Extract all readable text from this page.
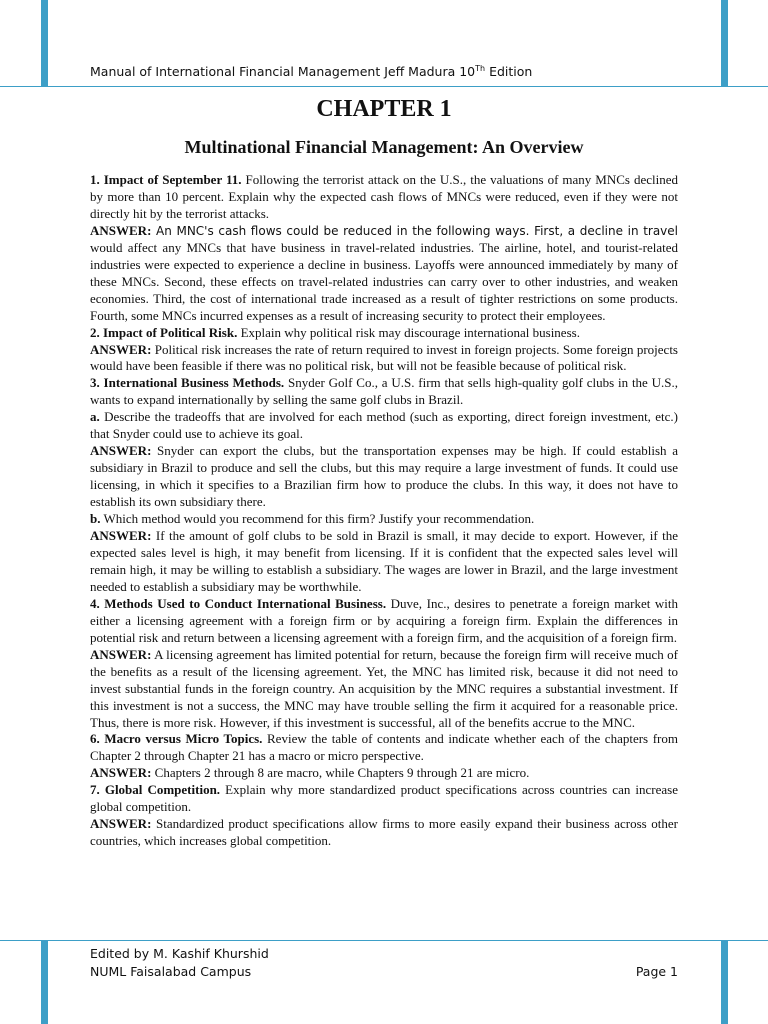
Manual of International Financial Management Jeff Madura 10Th Edition
CHAPTER 1
Multinational Financial Management: An Overview

1. Impact of September 11. Following the terrorist attack on the U.S., the valuations of many MNCs declined by more than 10 percent. Explain why the expected cash flows of MNCs were reduced, even if they were not directly hit by the terrorist attacks.

ANSWER: An MNC's cash flows could be reduced in the following ways. First, a decline in travel would affect any MNCs that have business in travel-related industries. The airline, hotel, and tourist-related industries were expected to experience a decline in business. Layoffs were announced immediately by many of these MNCs. Second, these effects on travel-related industries can carry over to other industries, and weaken economies. Third, the cost of international trade increased as a result of tighter restrictions on some products. Fourth, some MNCs incurred expenses as a result of increasing security to protect their employees.

2. Impact of Political Risk. Explain why political risk may discourage international business.

ANSWER: Political risk increases the rate of return required to invest in foreign projects. Some foreign projects would have been feasible if there was no political risk, but will not be feasible because of political risk.

3. International Business Methods. Snyder Golf Co., a U.S. firm that sells high-quality golf clubs in the U.S., wants to expand internationally by selling the same golf clubs in Brazil.

a. Describe the tradeoffs that are involved for each method (such as exporting, direct foreign investment, etc.) that Snyder could use to achieve its goal.

ANSWER: Snyder can export the clubs, but the transportation expenses may be high. If could establish a subsidiary in Brazil to produce and sell the clubs, but this may require a large investment of funds. It could use licensing, in which it specifies to a Brazilian firm how to produce the clubs. In this way, it does not have to establish its own subsidiary there.

b. Which method would you recommend for this firm? Justify your recommendation.

ANSWER: If the amount of golf clubs to be sold in Brazil is small, it may decide to export. However, if the expected sales level is high, it may benefit from licensing. If it is confident that the expected sales level will remain high, it may be willing to establish a subsidiary. The wages are lower in Brazil, and the large investment needed to establish a subsidiary may be worthwhile.

4. Methods Used to Conduct International Business. Duve, Inc., desires to penetrate a foreign market with either a licensing agreement with a foreign firm or by acquiring a foreign firm. Explain the differences in potential risk and return between a licensing agreement with a foreign firm, and the acquisition of a foreign firm.

ANSWER: A licensing agreement has limited potential for return, because the foreign firm will receive much of the benefits as a result of the licensing agreement. Yet, the MNC has limited risk, because it did not need to invest substantial funds in the foreign country. An acquisition by the MNC requires a substantial investment. If this investment is not a success, the MNC may have trouble selling the firm it acquired for a reasonable price. Thus, there is more risk. However, if this investment is successful, all of the benefits accrue to the MNC.

6. Macro versus Micro Topics. Review the table of contents and indicate whether each of the chapters from Chapter 2 through Chapter 21 has a macro or micro perspective.

ANSWER: Chapters 2 through 8 are macro, while Chapters 9 through 21 are micro.

7. Global Competition. Explain why more standardized product specifications across countries can increase global competition.

ANSWER: Standardized product specifications allow firms to more easily expand their business across other countries, which increases global competition.

Edited by M. Kashif Khurshid
NUML Faisalabad Campus	Page 1
